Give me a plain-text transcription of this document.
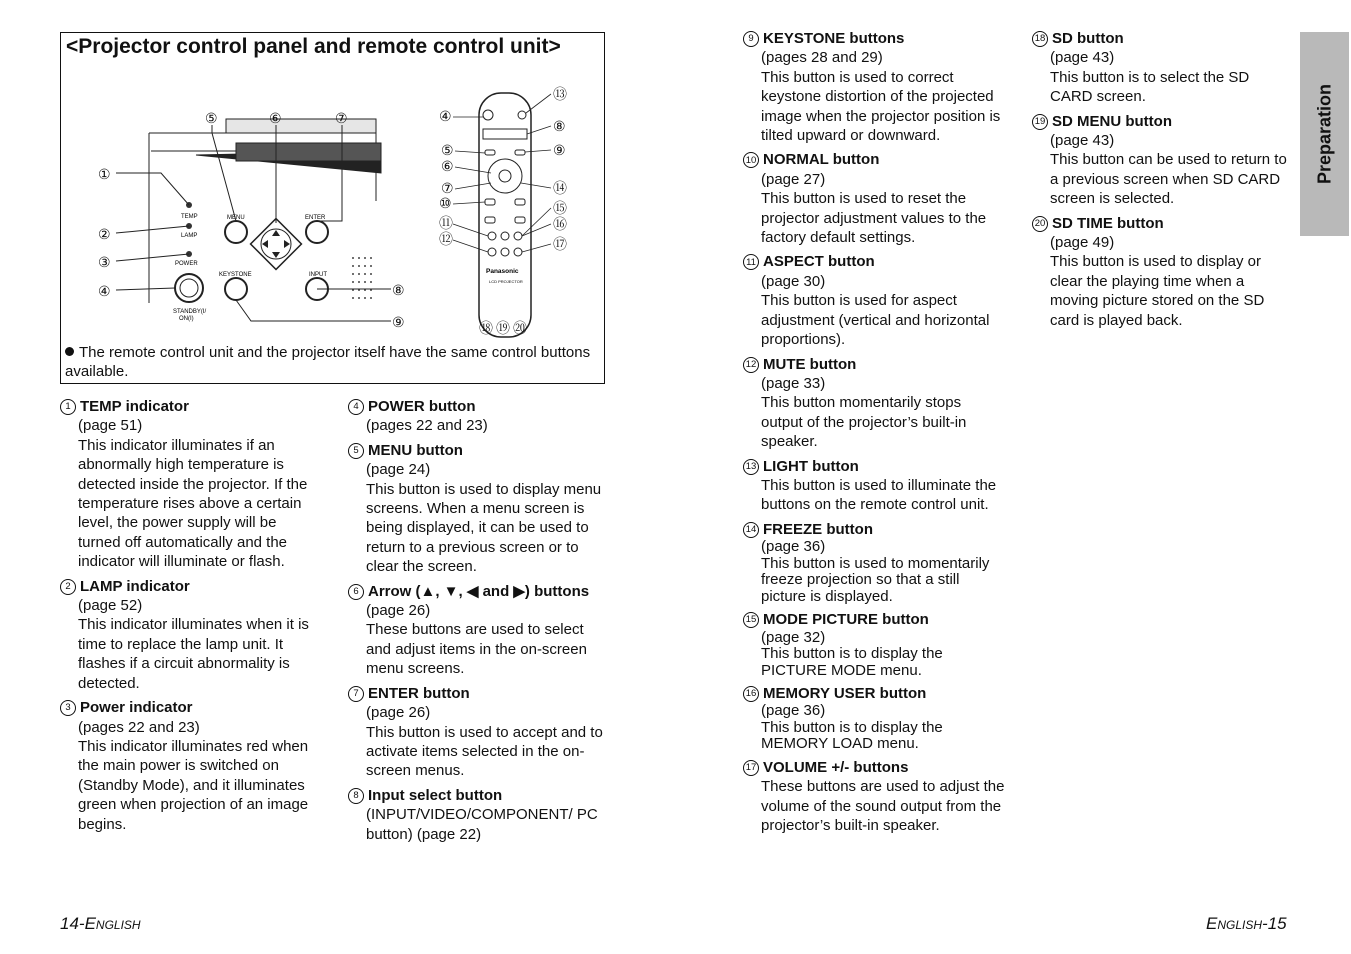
<Projector control panel and remote control unit>
TEMP
LAMP
POWER
STANDBY(I/
ON(I)
MENU	ENTER
KEYSTONE	INPUT
①
②
③
④
⑤	⑥	⑦
⑧
⑨
Panasonic
LCD PROJECTOR
④
⑤
⑥
⑦
⑩
⑪
⑫
⑬
⑧
⑨
⑭
⑮
⑯
⑰
⑱ ⑲ ⑳
The remote control unit and the projector itself have the same control buttons available.
1 TEMP indicator
(page 51)
This indicator illuminates if an abnormally high temperature is detected inside the projector. If the temperature rises above a certain level, the power supply will be turned off automatically and the indicator will illuminate or flash.
2 LAMP indicator
(page 52)
This indicator illuminates when it is time to replace the lamp unit. It flashes if a circuit abnormality is detected.
3 Power indicator
(pages 22 and 23)
This indicator illuminates red when the main power is switched on (Standby Mode), and it illuminates green when projection of an image begins.
4 POWER button
(pages 22 and 23)
5 MENU button
(page 24)
This button is used to display menu screens. When a menu screen is being displayed, it can be used to return to a previous screen or to clear the screen.
6 Arrow (▲, ▼, ◀ and ▶) buttons
(page 26)
These buttons are used to select and adjust items in the on-screen menu screens.
7 ENTER button
(page 26)
This button is used to accept and to activate items selected in the on-screen menus.
8 Input select button
(INPUT/VIDEO/COMPONENT/ PC button) (page 22)
9 KEYSTONE buttons
(pages 28 and 29)
This button is used to correct keystone distortion of the projected image when the projector position is tilted upward or downward.
10 NORMAL button
(page 27)
This button is used to reset the projector adjustment values to the factory default settings.
11 ASPECT button
(page 30)
This button is used for aspect adjustment (vertical and horizontal proportions).
12 MUTE button
(page 33)
This button momentarily stops output of the projector’s built-in speaker.
13 LIGHT button
This button is used to illuminate the buttons on the remote control unit.
14 FREEZE button
(page 36)
This button is used to momentarily freeze projection so that a still picture is displayed.
15 MODE PICTURE button
(page 32)
This button is to display the PICTURE MODE menu.
16 MEMORY USER button
(page 36)
This button is to display the MEMORY LOAD menu.
17 VOLUME +/- buttons
These buttons are used to adjust the volume of the sound output from the projector’s built-in speaker.
18 SD button
(page 43)
This button is to select the SD CARD screen.
19 SD MENU button
(page 43)
This button can be used to return to a previous screen when SD CARD screen is selected.
20 SD TIME button
(page 49)
This button is used to display or clear the playing time when a moving picture stored on the SD card is played back.
Preparation
14-English	English-15
